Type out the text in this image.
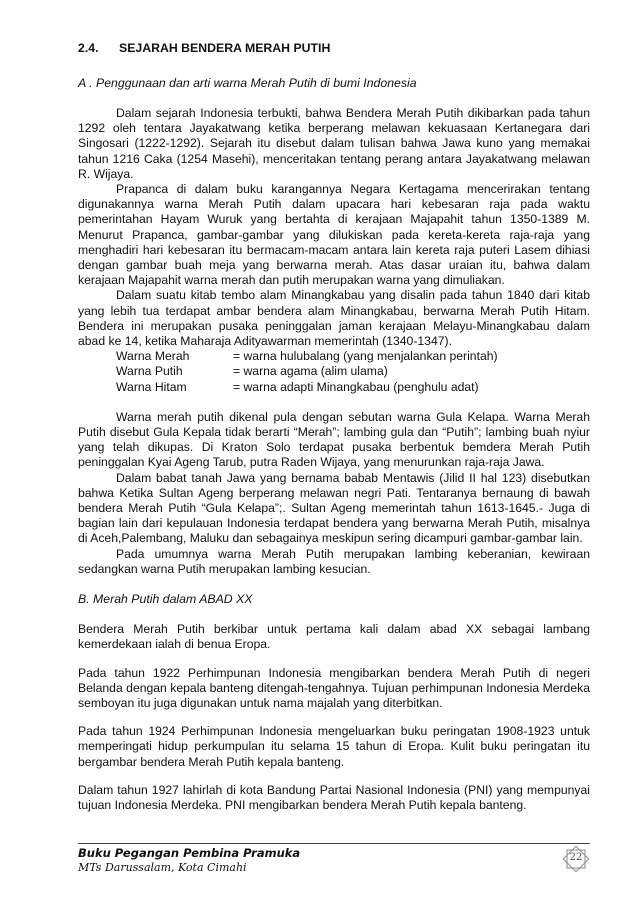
2.4.	SEJARAH BENDERA MERAH PUTIH
A . Penggunaan dan arti warna Merah Putih di bumi Indonesia

Dalam sejarah Indonesia terbukti, bahwa Bendera Merah Putih dikibarkan pada tahun 1292 oleh tentara Jayakatwang ketika berperang melawan kekuasaan Kertanegara dari Singosari (1222-1292). Sejarah itu disebut dalam tulisan bahwa Jawa kuno yang memakai tahun 1216 Caka (1254 Masehi), menceritakan tentang perang antara Jayakatwang melawan R. Wijaya.

Prapanca di dalam buku karangannya Negara Kertagama mencerirakan tentang digunakannya warna Merah Putih dalam upacara hari kebesaran raja pada waktu pemerintahan Hayam Wuruk yang bertahta di kerajaan Majapahit tahun 1350-1389 M. Menurut Prapanca, gambar-gambar yang dilukiskan pada kereta-kereta raja-raja yang menghadiri hari kebesaran itu bermacam-macam antara lain kereta raja puteri Lasem dihiasi dengan gambar buah meja yang berwarna merah. Atas dasar uraian itu, bahwa dalam kerajaan Majapahit warna merah dan putih merupakan warna yang dimuliakan.

Dalam suatu kitab tembo alam Minangkabau yang disalin pada tahun 1840 dari kitab yang lebih tua terdapat ambar bendera alam Minangkabau, berwarna Merah Putih Hitam. Bendera ini merupakan pusaka peninggalan jaman kerajaan Melayu-Minangkabau dalam abad ke 14, ketika Maharaja Adityawarman memerintah (1340-1347).

Warna Merah	= warna hulubalang (yang menjalankan perintah)
Warna Putih	= warna agama (alim ulama)
Warna Hitam	= warna adapti Minangkabau (penghulu adat)

Warna merah putih dikenal pula dengan sebutan warna Gula Kelapa. Warna Merah Putih disebut Gula Kepala tidak berarti “Merah”; lambing gula dan “Putih”; lambing buah nyiur yang telah dikupas. Di Kraton Solo terdapat pusaka berbentuk bemdera Merah Putih peninggalan Kyai Ageng Tarub, putra Raden Wijaya, yang menurunkan raja-raja Jawa.

Dalam babat tanah Jawa yang bernama babab Mentawis (Jilid II hal 123) disebutkan bahwa Ketika Sultan Ageng berperang melawan negri Pati. Tentaranya bernaung di bawah bendera Merah Putih “Gula Kelapa”;. Sultan Ageng memerintah tahun 1613-1645.- Juga di bagian lain dari kepulauan Indonesia terdapat bendera yang berwarna Merah Putih, misalnya di Aceh,Palembang, Maluku dan sebagainya meskipun sering dicampuri gambar-gambar lain.

Pada umumnya warna Merah Putih merupakan lambing keberanian, kewiraan sedangkan warna Putih merupakan lambing kesucian.

B. Merah Putih dalam ABAD XX

Bendera Merah Putih berkibar untuk pertama kali dalam abad XX sebagai lambang kemerdekaan ialah di benua Eropa.

Pada tahun 1922 Perhimpunan Indonesia mengibarkan bendera Merah Putih di negeri Belanda dengan kepala banteng ditengah-tengahnya. Tujuan perhimpunan Indonesia Merdeka semboyan itu juga digunakan untuk nama majalah yang diterbitkan.

Pada tahun 1924 Perhimpunan Indonesia mengeluarkan buku peringatan 1908-1923 untuk memperingati hidup perkumpulan itu selama 15 tahun di Eropa. Kulit buku peringatan itu bergambar bendera Merah Putih kepala banteng.

Dalam tahun 1927 lahirlah di kota Bandung Partai Nasional Indonesia (PNI) yang mempunyai tujuan Indonesia Merdeka. PNI mengibarkan bendera Merah Putih kepala banteng.

Buku Pegangan Pembina Pramuka
MTs Darussalam, Kota Cimahi
22
